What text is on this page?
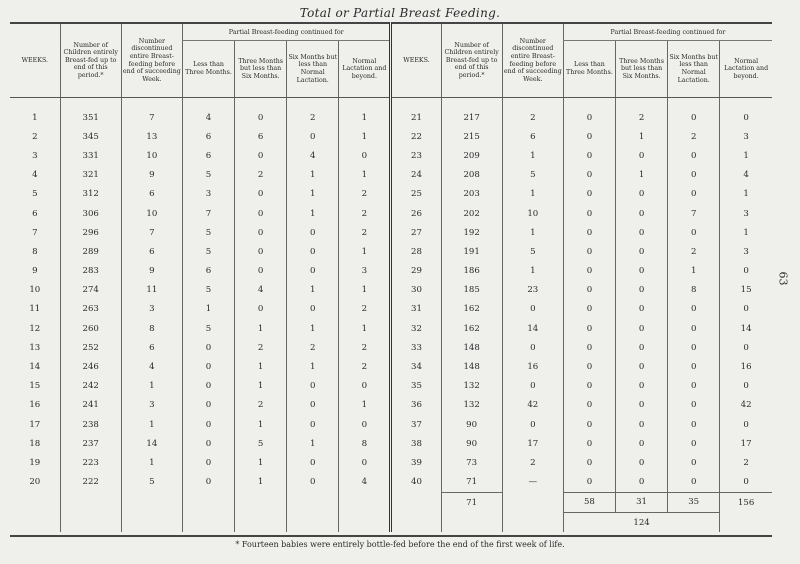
Total or Partial Breast Feeding.
63
WEEKS.	Number of Children entirely Breast-fed up to end of this period.*	Number discontinued entire Breast-feeding before end of succeeding Week.	Partial Breast-feeding continued for				WEEKS.	Number of Children entirely Breast-fed up to end of this period.*	Number discontinued entire Breast-feeding before end of succeeding Week.	Partial Breast-feeding continued for			
			Less than Three Months.	Three Months but less than Six Months.	Six Months but less than Normal Lactation.	Normal Lactation and beyond.				Less than Three Months.	Three Months but less than Six Months.	Six Months but less than Normal Lactation.	Normal Lactation and beyond.
1	351	7	4	0	2	1	21	217	2	0	2	0	0
2	345	13	6	6	0	1	22	215	6	0	1	2	3
3	331	10	6	0	4	0	23	209	1	0	0	0	1
4	321	9	5	2	1	1	24	208	5	0	1	0	4
5	312	6	3	0	1	2	25	203	1	0	0	0	1
6	306	10	7	0	1	2	26	202	10	0	0	7	3
7	296	7	5	0	0	2	27	192	1	0	0	0	1
8	289	6	5	0	0	1	28	191	5	0	0	2	3
9	283	9	6	0	0	3	29	186	1	0	0	1	0
10	274	11	5	4	1	1	30	185	23	0	0	8	15
11	263	3	1	0	0	2	31	162	0	0	0	0	0
12	260	8	5	1	1	1	32	162	14	0	0	0	14
13	252	6	0	2	2	2	33	148	0	0	0	0	0
14	246	4	0	1	1	2	34	148	16	0	0	0	16
15	242	1	0	1	0	0	35	132	0	0	0	0	0
16	241	3	0	2	0	1	36	132	42	0	0	0	42
17	238	1	0	1	0	0	37	90	0	0	0	0	0
18	237	14	0	5	1	8	38	90	17	0	0	0	17
19	223	1	0	1	0	0	39	73	2	0	0	0	2
20	222	5	0	1	0	4	40	71	—	0	0	0	0
								71		58	31	35	156
										124			
* Fourteen babies were entirely bottle-fed before the end of the first week of life.
